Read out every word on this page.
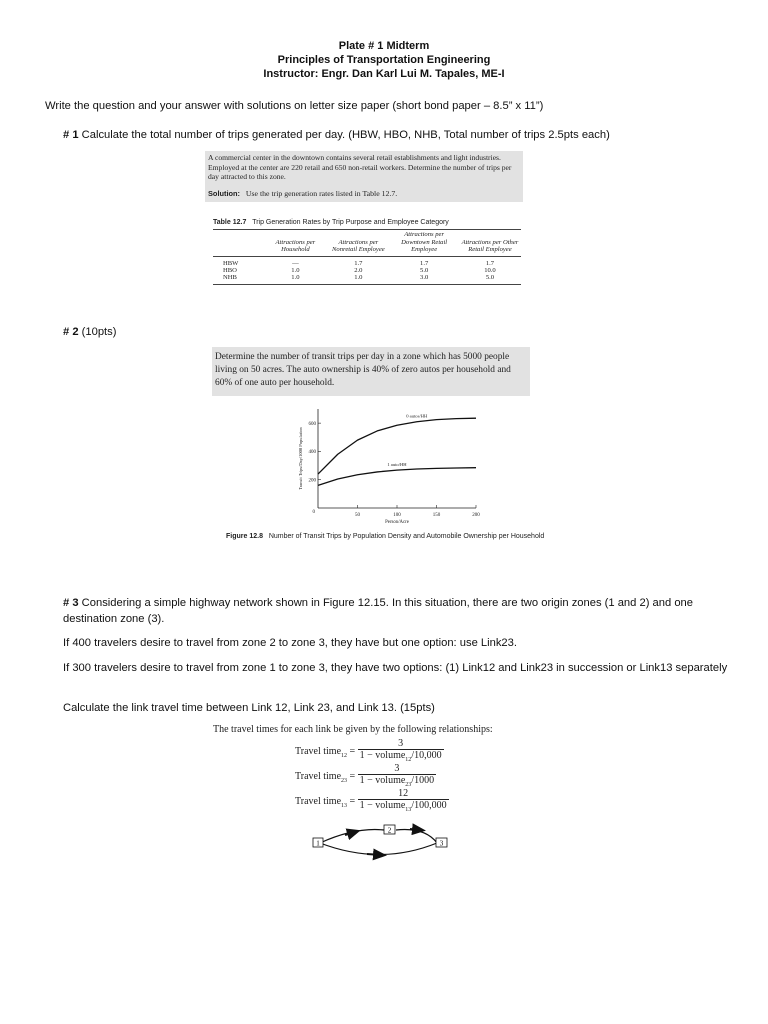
Plate # 1 Midterm
Principles of Transportation Engineering
Instructor: Engr. Dan Karl Lui M. Tapales, ME-I
Write the question and your answer with solutions on letter size paper (short bond paper – 8.5” x 11”)
# 1 Calculate the total number of trips generated per day. (HBW, HBO, NHB, Total number of trips 2.5pts each)
A commercial center in the downtown contains several retail establishments and light industries. Employed at the center are 220 retail and 650 non-retail workers. Determine the number of trips per day attracted to this zone.
Solution: Use the trip generation rates listed in Table 12.7.
Table 12.7 Trip Generation Rates by Trip Purpose and Employee Category
	Attractions per Household	Attractions per Nonretail Employee	Attractions per Downtown Retail Employee	Attractions per Other Retail Employee
HBW	—	1.7	1.7	1.7
HBO	1.0	2.0	5.0	10.0
NHB	1.0	1.0	3.0	5.0
# 2 (10pts)
Determine the number of transit trips per day in a zone which has 5000 people living on 50 acres. The auto ownership is 40% of zero autos per household and 60% of one auto per household.
0
200
400
600
50	100	150	200
Person/Acre
Transit Trips/Day/1000 Population
0 autos/HH
1 auto/HH
Figure 12.8 Number of Transit Trips by Population Density and Automobile Ownership per Household
# 3 Considering a simple highway network shown in Figure 12.15. In this situation, there are two origin zones (1 and 2) and one destination zone (3).
If 400 travelers desire to travel from zone 2 to zone 3, they have but one option: use Link23.
If 300 travelers desire to travel from zone 1 to zone 3, they have two options: (1) Link12 and Link23 in succession or Link13 separately
Calculate the link travel time between Link 12, Link 23, and Link 13. (15pts)
The travel times for each link be given by the following relationships:
Travel time$_{12}$ = $\frac{3}{1 - volume_{12}/10,000}$
Travel time$_{23}$ = $\frac{3}{1 - volume_{23}/1000}$
Travel time$_{13}$ = $\frac{12}{1 - volume_{13}/100,000}$
1
2
3
